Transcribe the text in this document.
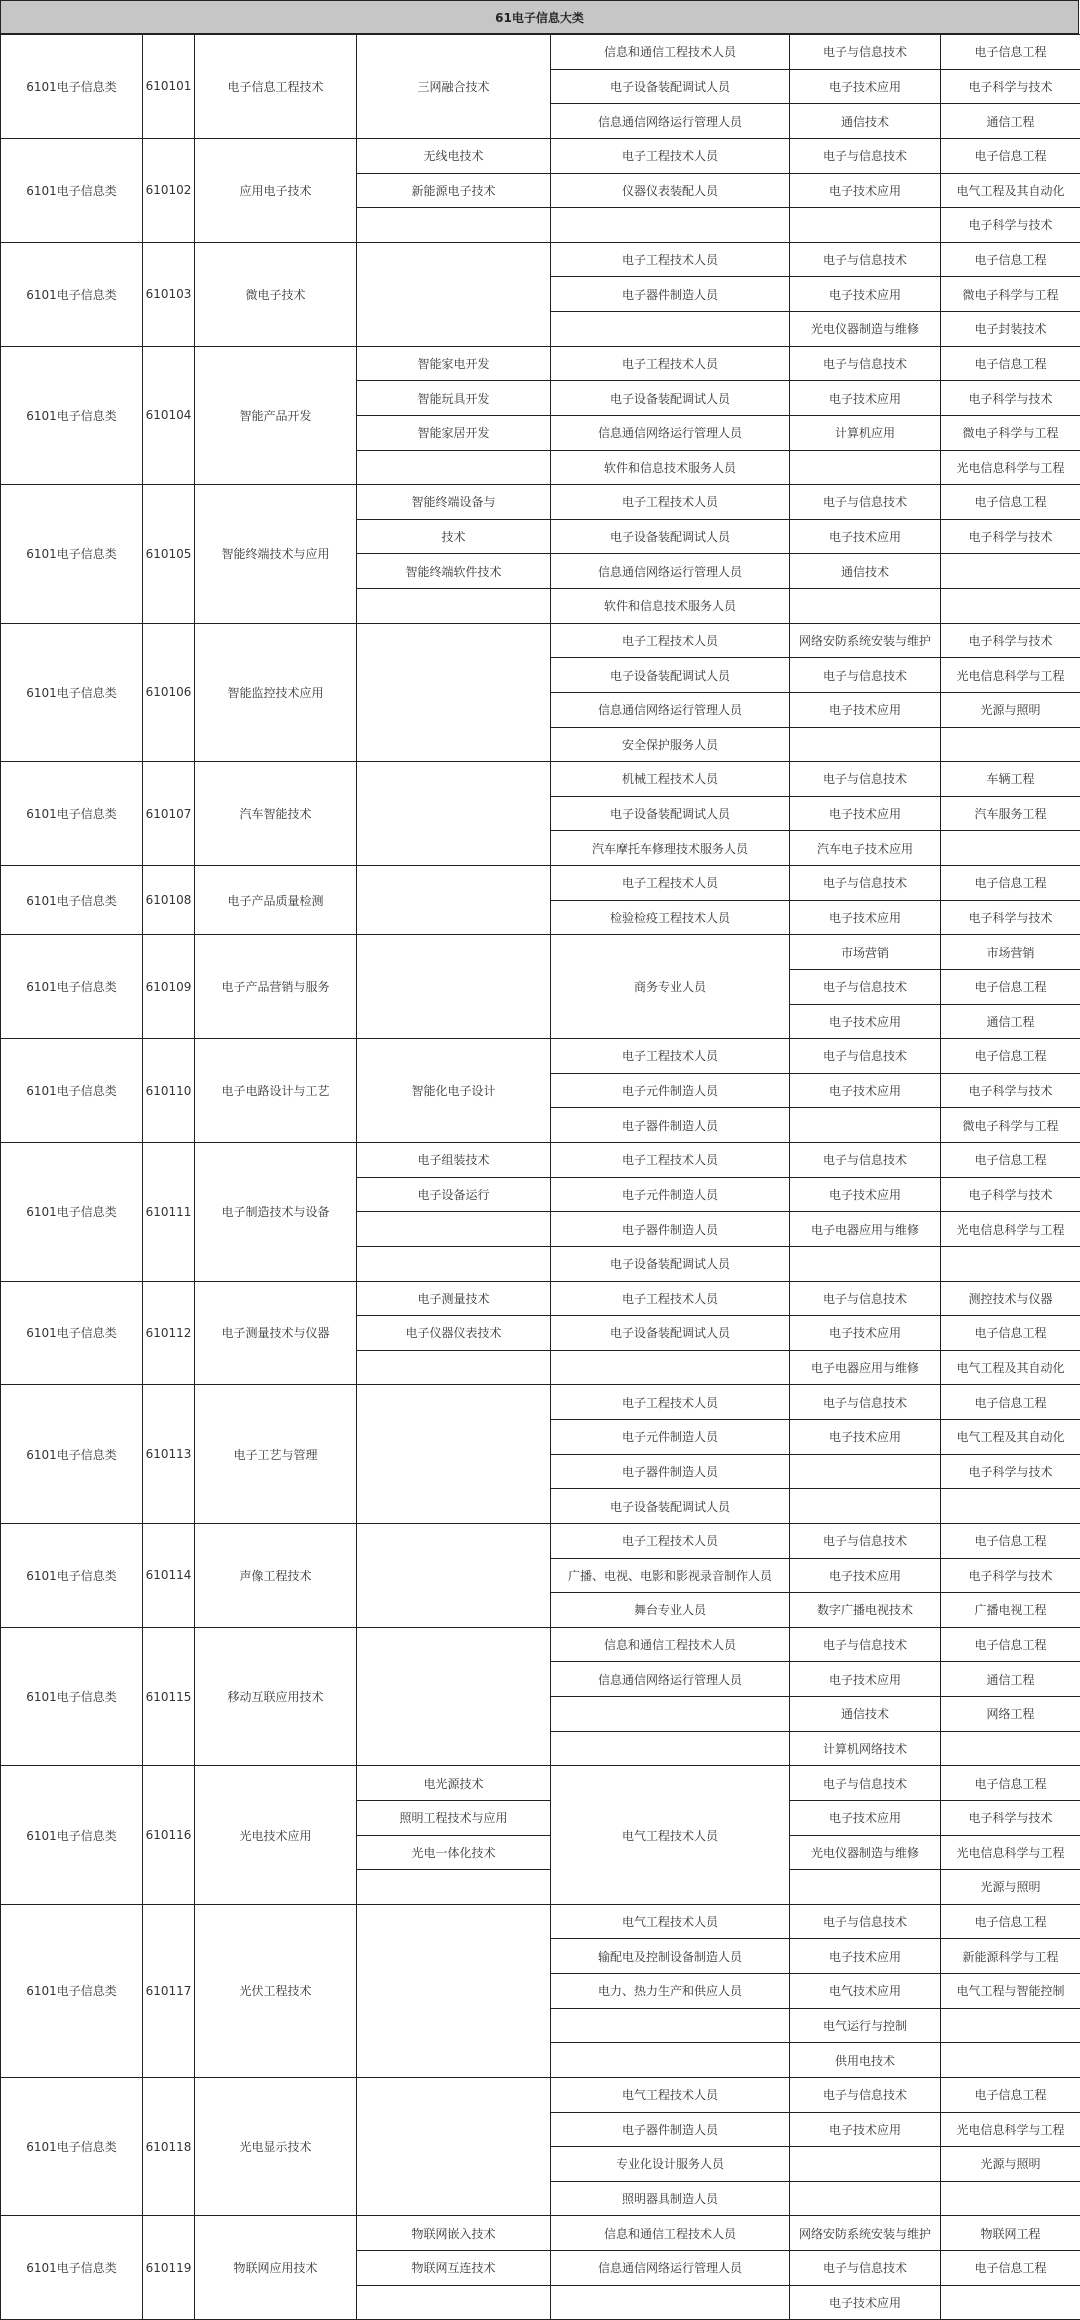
61电子信息大类
6101电子信息类	610101	电子信息工程技术	三网融合技术	信息和通信工程技术人员	电子与信息技术	电子信息工程
				电子设备装配调试人员	电子技术应用	电子科学与技术
				信息通信网络运行管理人员	通信技术	通信工程
6101电子信息类	610102	应用电子技术	无线电技术	电子工程技术人员	电子与信息技术	电子信息工程
			新能源电子技术	仪器仪表装配人员	电子技术应用	电气工程及其自动化
						电子科学与技术
6101电子信息类	610103	微电子技术		电子工程技术人员	电子与信息技术	电子信息工程
				电子器件制造人员	电子技术应用	微电子科学与工程
					光电仪器制造与维修	电子封装技术
6101电子信息类	610104	智能产品开发	智能家电开发	电子工程技术人员	电子与信息技术	电子信息工程
			智能玩具开发	电子设备装配调试人员	电子技术应用	电子科学与技术
			智能家居开发	信息通信网络运行管理人员	计算机应用	微电子科学与工程
				软件和信息技术服务人员		光电信息科学与工程
6101电子信息类	610105	智能终端技术与应用	智能终端设备与	电子工程技术人员	电子与信息技术	电子信息工程
			技术	电子设备装配调试人员	电子技术应用	电子科学与技术
			智能终端软件技术	信息通信网络运行管理人员	通信技术	
				软件和信息技术服务人员		
6101电子信息类	610106	智能监控技术应用		电子工程技术人员	网络安防系统安装与维护	电子科学与技术
				电子设备装配调试人员	电子与信息技术	光电信息科学与工程
				信息通信网络运行管理人员	电子技术应用	光源与照明
				安全保护服务人员		
6101电子信息类	610107	汽车智能技术		机械工程技术人员	电子与信息技术	车辆工程
				电子设备装配调试人员	电子技术应用	汽车服务工程
				汽车摩托车修理技术服务人员	汽车电子技术应用	
6101电子信息类	610108	电子产品质量检测		电子工程技术人员	电子与信息技术	电子信息工程
				检验检疫工程技术人员	电子技术应用	电子科学与技术
6101电子信息类	610109	电子产品营销与服务		商务专业人员	市场营销	市场营销
					电子与信息技术	电子信息工程
					电子技术应用	通信工程
6101电子信息类	610110	电子电路设计与工艺	智能化电子设计	电子工程技术人员	电子与信息技术	电子信息工程
				电子元件制造人员	电子技术应用	电子科学与技术
				电子器件制造人员		微电子科学与工程
6101电子信息类	610111	电子制造技术与设备	电子组装技术	电子工程技术人员	电子与信息技术	电子信息工程
			电子设备运行	电子元件制造人员	电子技术应用	电子科学与技术
				电子器件制造人员	电子电器应用与维修	光电信息科学与工程
				电子设备装配调试人员		
6101电子信息类	610112	电子测量技术与仪器	电子测量技术	电子工程技术人员	电子与信息技术	测控技术与仪器
			电子仪器仪表技术	电子设备装配调试人员	电子技术应用	电子信息工程
					电子电器应用与维修	电气工程及其自动化
6101电子信息类	610113	电子工艺与管理		电子工程技术人员	电子与信息技术	电子信息工程
				电子元件制造人员	电子技术应用	电气工程及其自动化
				电子器件制造人员		电子科学与技术
				电子设备装配调试人员		
6101电子信息类	610114	声像工程技术		电子工程技术人员	电子与信息技术	电子信息工程
				广播、电视、电影和影视录音制作人员	电子技术应用	电子科学与技术
				舞台专业人员	数字广播电视技术	广播电视工程
6101电子信息类	610115	移动互联应用技术		信息和通信工程技术人员	电子与信息技术	电子信息工程
				信息通信网络运行管理人员	电子技术应用	通信工程
					通信技术	网络工程
					计算机网络技术	
6101电子信息类	610116	光电技术应用	电光源技术	电气工程技术人员	电子与信息技术	电子信息工程
			照明工程技术与应用		电子技术应用	电子科学与技术
			光电一体化技术		光电仪器制造与维修	光电信息科学与工程
						光源与照明
6101电子信息类	610117	光伏工程技术		电气工程技术人员	电子与信息技术	电子信息工程
				输配电及控制设备制造人员	电子技术应用	新能源科学与工程
				电力、热力生产和供应人员	电气技术应用	电气工程与智能控制
					电气运行与控制	
					供用电技术	
6101电子信息类	610118	光电显示技术		电气工程技术人员	电子与信息技术	电子信息工程
				电子器件制造人员	电子技术应用	光电信息科学与工程
				专业化设计服务人员		光源与照明
				照明器具制造人员		
6101电子信息类	610119	物联网应用技术	物联网嵌入技术	信息和通信工程技术人员	网络安防系统安装与维护	物联网工程
			物联网互连技术	信息通信网络运行管理人员	电子与信息技术	电子信息工程
					电子技术应用	
